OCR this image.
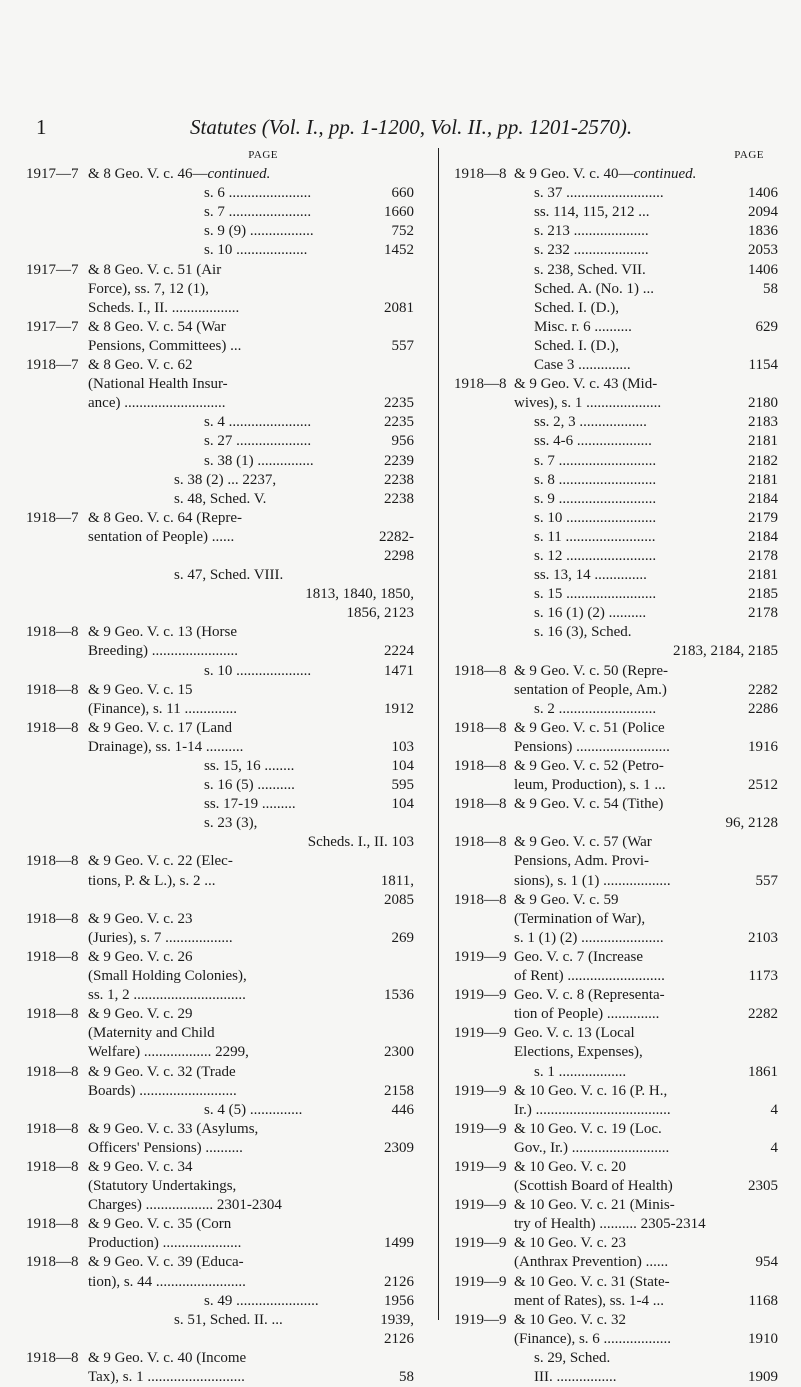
1	Statutes (Vol. I., pp. 1-1200, Vol. II., pp. 1201-2570).
PAGE
1917—7 & 8 Geo. V. c. 46—continued.
660
s. 6 ......................
1660
s. 7 ......................
752
s. 9 (9) .................
1452
s. 10 ...................
1917—7 & 8 Geo. V. c. 51 (Air
Force), ss. 7, 12 (1),
2081
Scheds. I., II. ..................
1917—7 & 8 Geo. V. c. 54 (War
557
Pensions, Committees) ...
1918—7 & 8 Geo. V. c. 62
(National Health Insur-
2235
ance) ...........................
2235
s. 4 ......................
956
s. 27 ....................
2239
s. 38 (1) ...............
2238
s. 38 (2) ... 2237,
2238
s. 48, Sched. V.
1918—7 & 8 Geo. V. c. 64 (Repre-
2282-
sentation of People) ......
2298
s. 47, Sched. VIII.
1813, 1840, 1850,
1856, 2123
1918—8 & 9 Geo. V. c. 13 (Horse
2224
Breeding) .......................
1471
s. 10 ....................
1918—8 & 9 Geo. V. c. 15
1912
(Finance), s. 11 ..............
1918—8 & 9 Geo. V. c. 17 (Land
103
Drainage), ss. 1-14 ..........
104
ss. 15, 16 ........
595
s. 16 (5) ..........
104
ss. 17-19 .........
s. 23 (3),
Scheds. I., II. 103
1918—8 & 9 Geo. V. c. 22 (Elec-
1811,
tions, P. & L.), s. 2 ...
2085
1918—8 & 9 Geo. V. c. 23
269
(Juries), s. 7 ..................
1918—8 & 9 Geo. V. c. 26
(Small Holding Colonies),
1536
ss. 1, 2 ..............................
1918—8 & 9 Geo. V. c. 29
(Maternity and Child
2300
Welfare) .................. 2299,
1918—8 & 9 Geo. V. c. 32 (Trade
2158
Boards) ..........................
446
s. 4 (5) ..............
1918—8 & 9 Geo. V. c. 33 (Asylums,
2309
Officers' Pensions) ..........
1918—8 & 9 Geo. V. c. 34
(Statutory Undertakings,
Charges) .................. 2301-2304
1918—8 & 9 Geo. V. c. 35 (Corn
1499
Production) .....................
1918—8 & 9 Geo. V. c. 39 (Educa-
2126
tion), s. 44 ........................
1956
s. 49 ......................
1939,
s. 51, Sched. II. ...
2126
1918—8 & 9 Geo. V. c. 40 (Income
58
Tax), s. 1 ..........................
PAGE
1918—8 & 9 Geo. V. c. 40—continued.
1406
s. 37 ..........................
2094
ss. 114, 115, 212 ...
1836
s. 213 ....................
2053
s. 232 ....................
1406
s. 238, Sched. VII.
58
Sched. A. (No. 1) ...
Sched. I. (D.),
629
Misc. r. 6 ..........
Sched. I. (D.),
1154
Case 3 ..............
1918—8 & 9 Geo. V. c. 43 (Mid-
2180
wives), s. 1 ....................
2183
ss. 2, 3 ..................
2181
ss. 4-6 ....................
2182
s. 7 ..........................
2181
s. 8 ..........................
2184
s. 9 ..........................
2179
s. 10 ........................
2184
s. 11 ........................
2178
s. 12 ........................
2181
ss. 13, 14 ..............
2185
s. 15 ........................
2178
s. 16 (1) (2) ..........
s. 16 (3), Sched.
2183, 2184, 2185
1918—8 & 9 Geo. V. c. 50 (Repre-
2282
sentation of People, Am.)
2286
s. 2 ..........................
1918—8 & 9 Geo. V. c. 51 (Police
1916
Pensions) .........................
1918—8 & 9 Geo. V. c. 52 (Petro-
2512
leum, Production), s. 1 ...
1918—8 & 9 Geo. V. c. 54 (Tithe)
96, 2128
1918—8 & 9 Geo. V. c. 57 (War
Pensions, Adm. Provi-
557
sions), s. 1 (1) ..................
1918—8 & 9 Geo. V. c. 59
(Termination of War),
2103
s. 1 (1) (2) ......................
1919—9 Geo. V. c. 7 (Increase
1173
of Rent) ..........................
1919—9 Geo. V. c. 8 (Representa-
2282
tion of People) ..............
1919—9 Geo. V. c. 13 (Local
Elections, Expenses),
1861
s. 1 ..................
1919—9 & 10 Geo. V. c. 16 (P. H.,
4
Ir.) ....................................
1919—9 & 10 Geo. V. c. 19 (Loc.
4
Gov., Ir.) ..........................
1919—9 & 10 Geo. V. c. 20
2305
(Scottish Board of Health)
1919—9 & 10 Geo. V. c. 21 (Minis-
try of Health) .......... 2305-2314
1919—9 & 10 Geo. V. c. 23
954
(Anthrax Prevention) ......
1919—9 & 10 Geo. V. c. 31 (State-
1168
ment of Rates), ss. 1-4 ...
1919—9 & 10 Geo. V. c. 32
1910
(Finance), s. 6 ..................
s. 29, Sched.
1909
III. ................
